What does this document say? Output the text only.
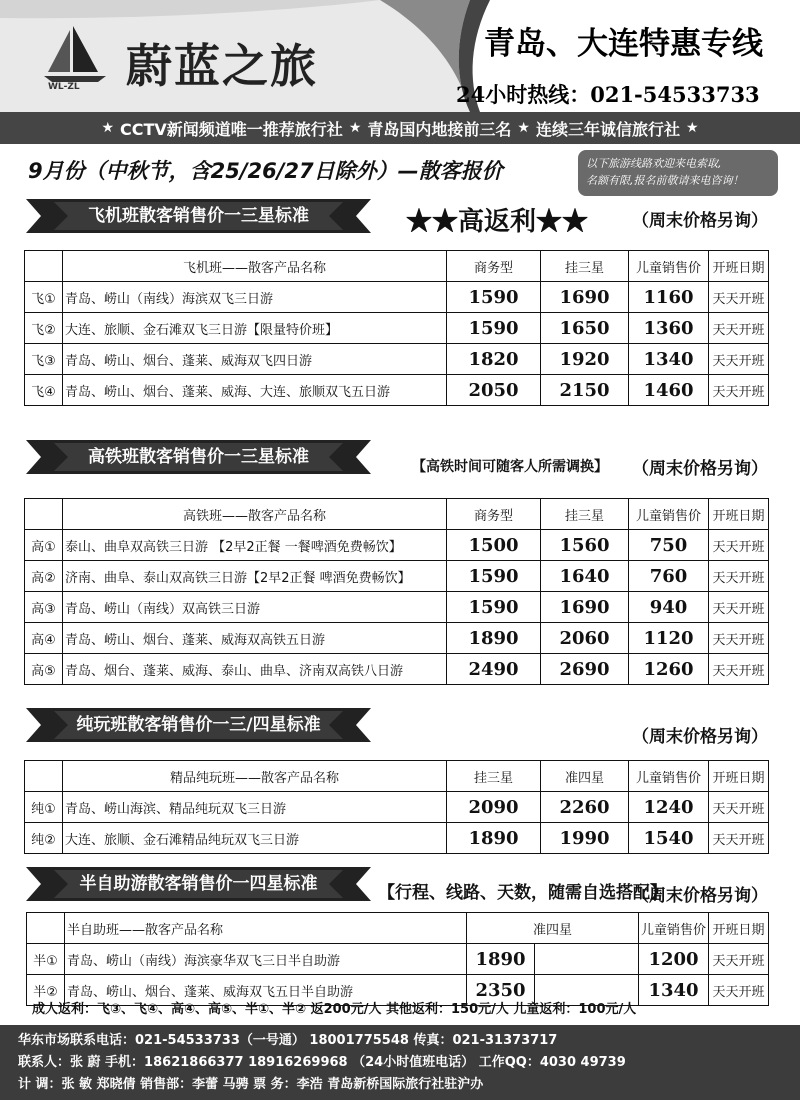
WL-ZL 蔚蓝之旅	青岛、大连特惠专线
24小时热线：021-54533733
★ CCTV新闻频道唯一推荐旅行社 ★ 青岛国内地接前三名 ★ 连续三年诚信旅行社 ★
9月份（中秋节，含25/26/27日除外）—散客报价	以下旅游线路欢迎来电索取,
名额有限,报名前敬请来电咨询！
飞机班散客销售价一三星标准	★★高返利★★	（周末价格另询）
	飞机班——散客产品名称	商务型	挂三星	儿童销售价	开班日期
飞①	青岛、崂山（南线）海滨双飞三日游	1590	1690	1160	天天开班
飞②	大连、旅顺、金石滩双飞三日游【限量特价班】	1590	1650	1360	天天开班
飞③	青岛、崂山、烟台、蓬莱、威海双飞四日游	1820	1920	1340	天天开班
飞④	青岛、崂山、烟台、蓬莱、威海、大连、旅顺双飞五日游	2050	2150	1460	天天开班
高铁班散客销售价一三星标准	【高铁时间可随客人所需调换】 （周末价格另询）
	高铁班——散客产品名称	商务型	挂三星	儿童销售价	开班日期
高①	泰山、曲阜双高铁三日游 【2早2正餐 一餐啤酒免费畅饮】	1500	1560	750	天天开班
高②	济南、曲阜、泰山双高铁三日游【2早2正餐 啤酒免费畅饮】	1590	1640	760	天天开班
高③	青岛、崂山（南线）双高铁三日游	1590	1690	940	天天开班
高④	青岛、崂山、烟台、蓬莱、威海双高铁五日游	1890	2060	1120	天天开班
高⑤	青岛、烟台、蓬莱、威海、泰山、曲阜、济南双高铁八日游	2490	2690	1260	天天开班
纯玩班散客销售价一三/四星标准
（周末价格另询）
	精品纯玩班——散客产品名称	挂三星	准四星	儿童销售价	开班日期
纯①	青岛、崂山海滨、精品纯玩双飞三日游	2090	2260	1240	天天开班
纯②	大连、旅顺、金石滩精品纯玩双飞三日游	1890	1990	1540	天天开班
半自助游散客销售价一四星标准	【行程、线路、天数，随需自选搭配】
（周末价格另询）
	半自助班——散客产品名称	准四星		儿童销售价	开班日期
半①	青岛、崂山（南线）海滨豪华双飞三日半自助游	1890		1200	天天开班
半②	青岛、崂山、烟台、蓬莱、威海双飞五日半自助游	2350		1340	天天开班
成人返利：飞③、飞④、高④、高⑤、半①、半② 返200元/人 其他返利：150元/人 儿童返利：100元/人
华东市场联系电话：021-54533733（一号通） 18001775548 传真：021-31373717
联系人：张 蔚 手机：18621866377 18916269968 （24小时值班电话） 工作QQ：4030 49739
计 调：张 敏 郑晓倩 销售部：李蕾 马骋 票 务：李浩 青岛新桥国际旅行社驻沪办
